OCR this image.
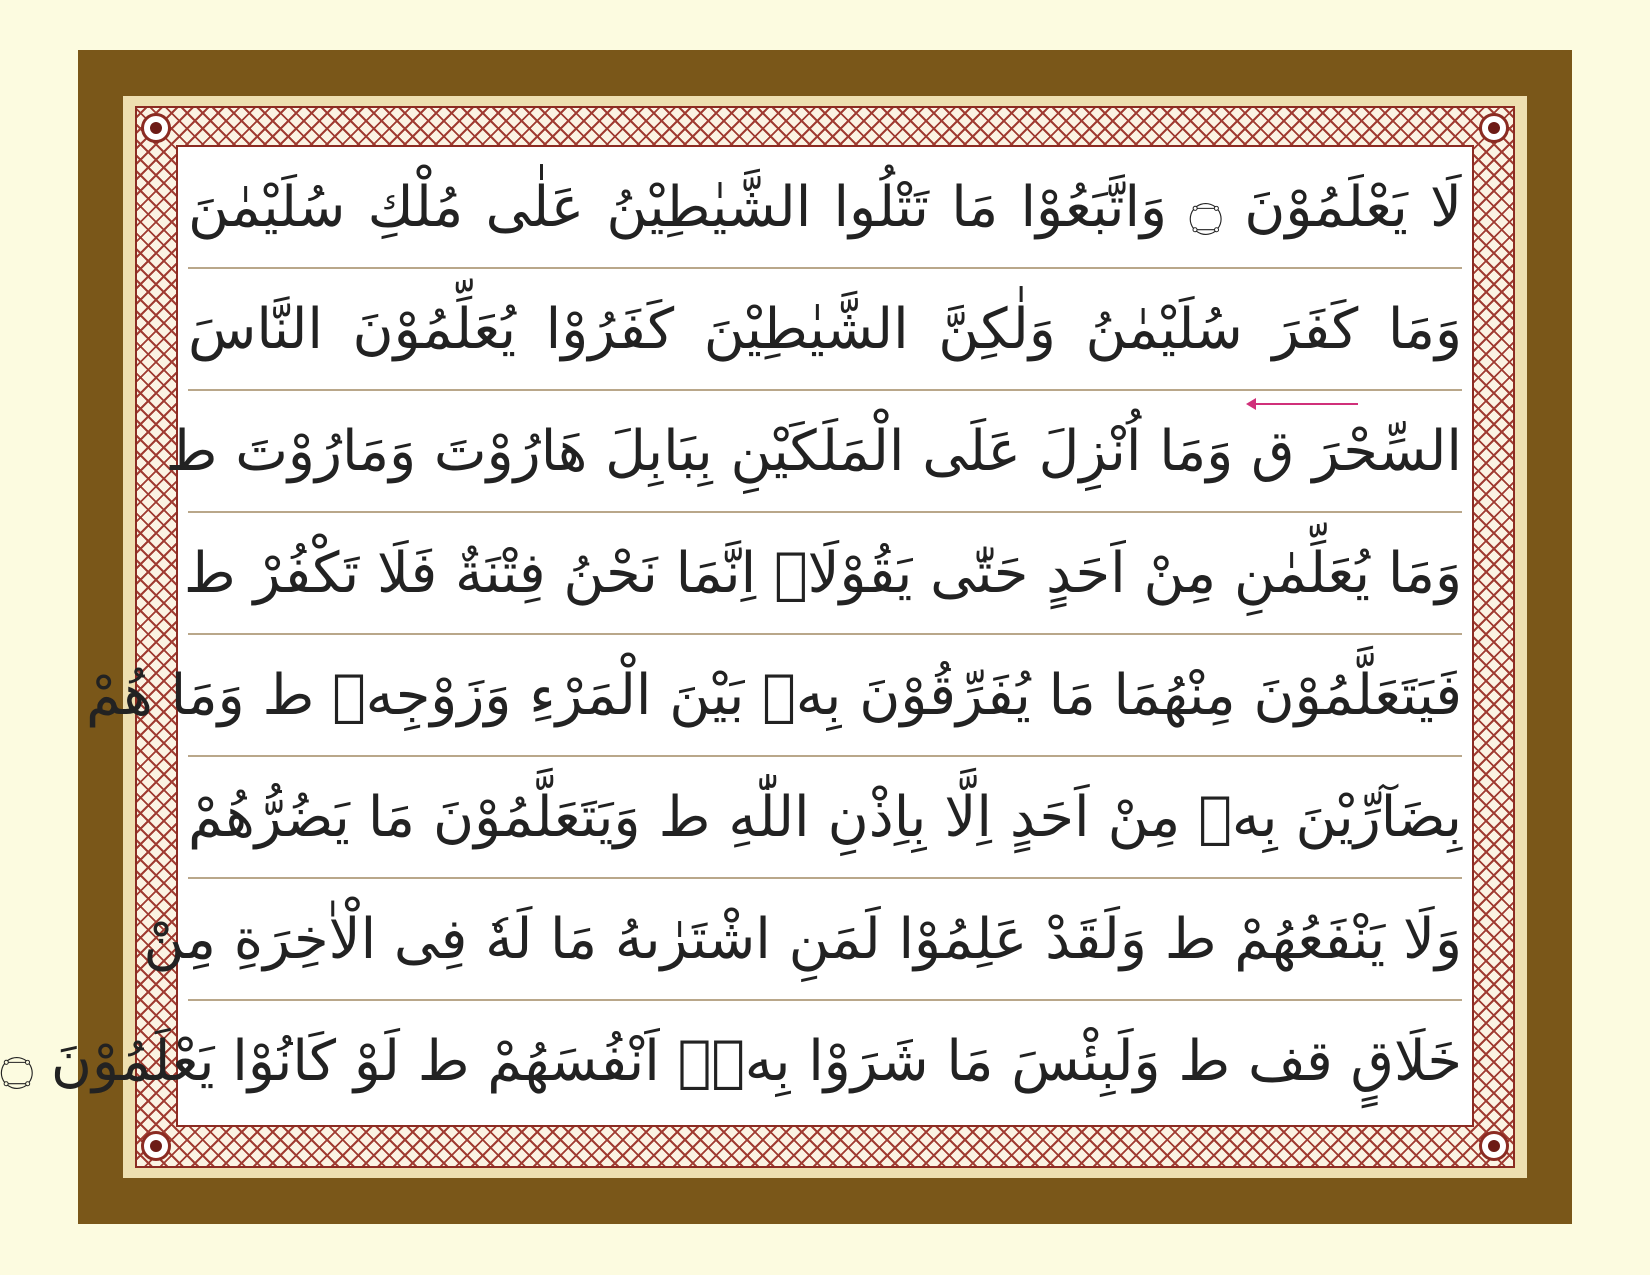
لَا يَعْلَمُوْنَ ۝ وَاتَّبَعُوْا مَا تَتْلُوا الشَّيٰطِيْنُ عَلٰى مُلْكِ سُلَيْمٰنَ
وَمَا كَفَرَ سُلَيْمٰنُ وَلٰكِنَّ الشَّيٰطِيْنَ كَفَرُوْا يُعَلِّمُوْنَ النَّاسَ
السِّحْرَ ق وَمَا اُنْزِلَ عَلَى الْمَلَكَيْنِ بِبَابِلَ هَارُوْتَ وَمَارُوْتَ ط
وَمَا يُعَلِّمٰنِ مِنْ اَحَدٍ حَتّٰى يَقُوْلَاۤ اِنَّمَا نَحْنُ فِتْنَةٌ فَلَا تَكْفُرْ ط
فَيَتَعَلَّمُوْنَ مِنْهُمَا مَا يُفَرِّقُوْنَ بِهٖ بَيْنَ الْمَرْءِ وَزَوْجِهٖ ط وَمَا هُمْ
بِضَآرِّيْنَ بِهٖ مِنْ اَحَدٍ اِلَّا بِاِذْنِ اللّٰهِ ط وَيَتَعَلَّمُوْنَ مَا يَضُرُّهُمْ
وَلَا يَنْفَعُهُمْ ط وَلَقَدْ عَلِمُوْا لَمَنِ اشْتَرٰىهُ مَا لَهٗ فِى الْاٰخِرَةِ مِنْ
خَلَاقٍ قف ط وَلَبِئْسَ مَا شَرَوْا بِهٖۤ اَنْفُسَهُمْ ط لَوْ كَانُوْا يَعْلَمُوْنَ ۝
